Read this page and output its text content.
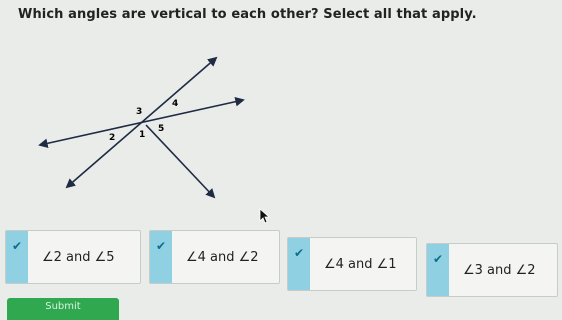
Which angles are vertical to each other? Select all that apply.
3
4
2	1
5
✔
∠2 and ∠5
✔
∠4 and ∠2	✔
∠4 and ∠1	✔
∠3 and ∠2
Submit
